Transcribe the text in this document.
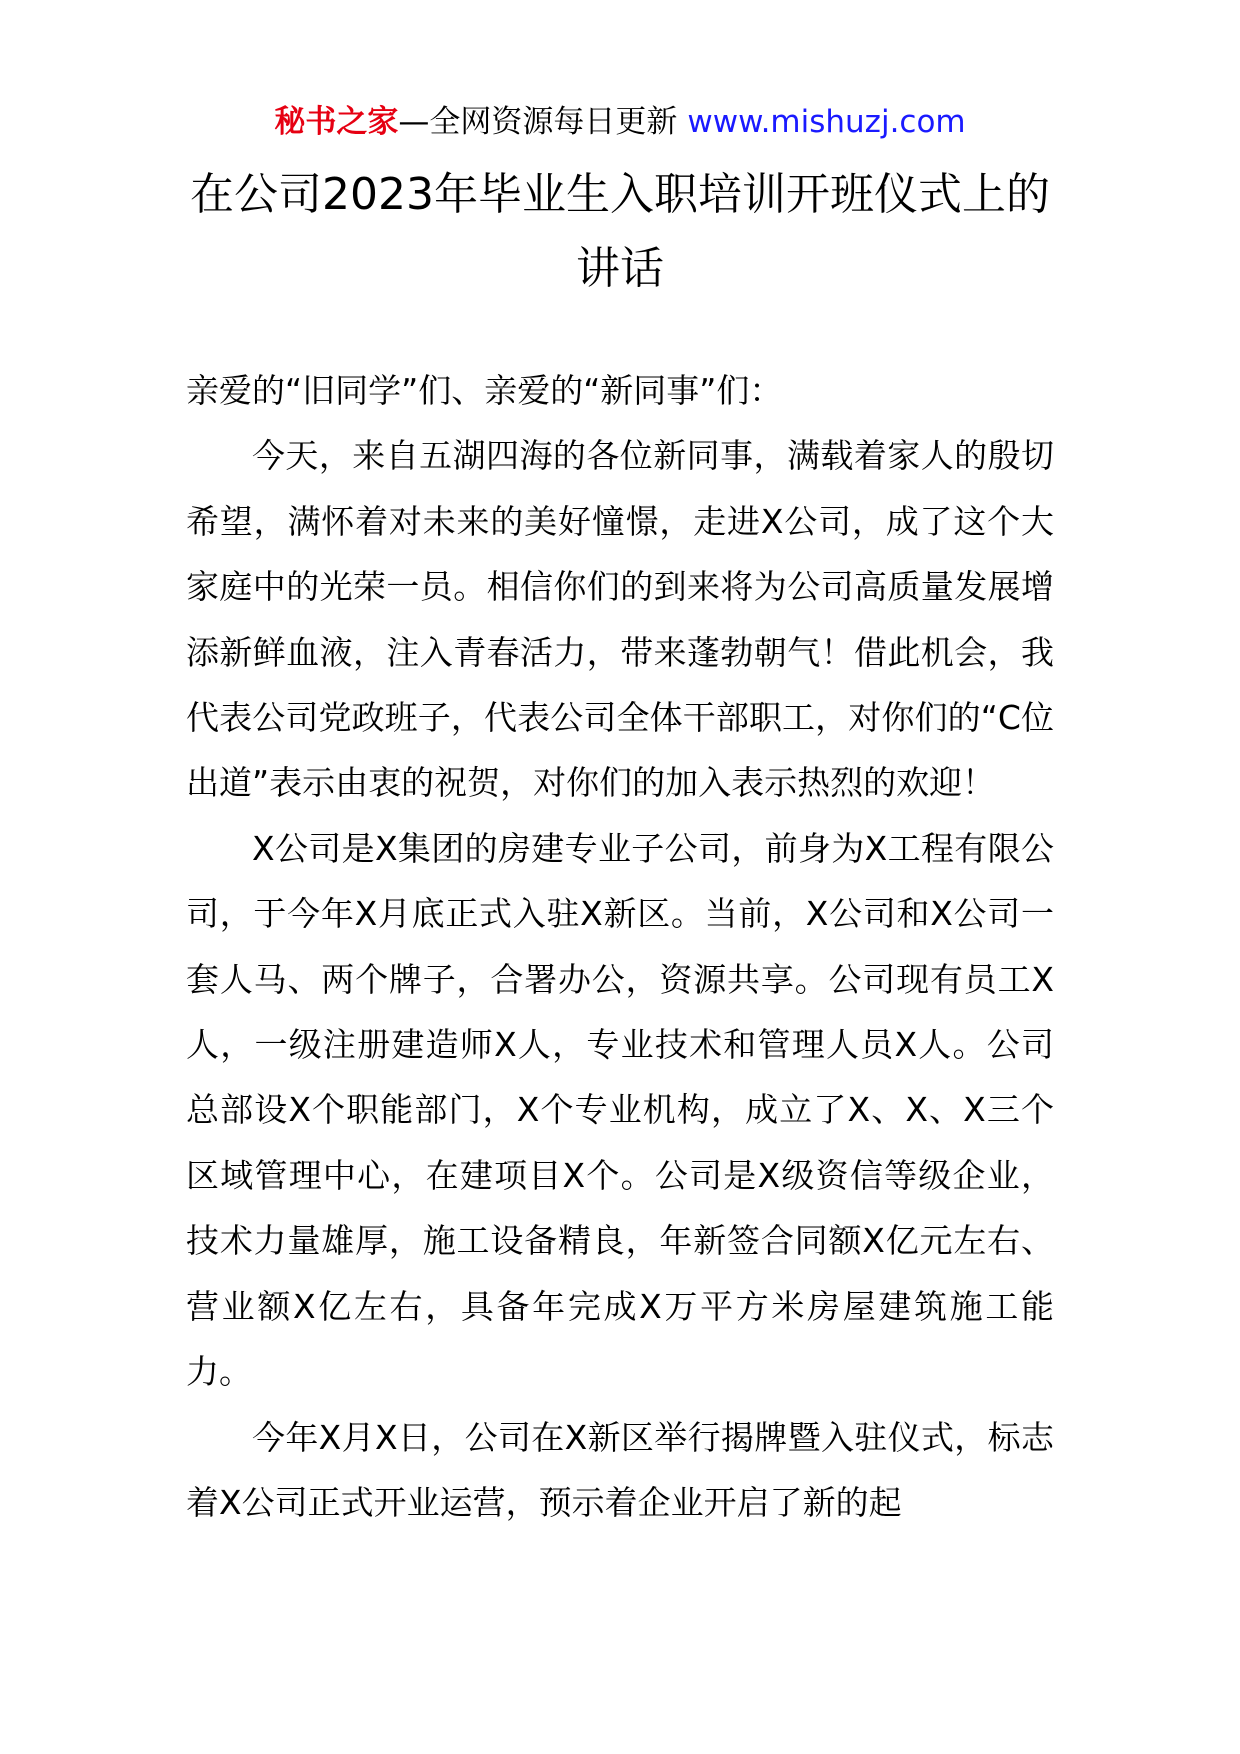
秘书之家—全网资源每日更新 www.mishuzj.com
在公司2023年毕业生入职培训开班仪式上的讲话

亲爱的“旧同学”们、亲爱的“新同事”们：

今天，来自五湖四海的各位新同事，满载着家人的殷切希望，满怀着对未来的美好憧憬，走进X公司，成了这个大家庭中的光荣一员。相信你们的到来将为公司高质量发展增添新鲜血液，注入青春活力，带来蓬勃朝气！借此机会，我代表公司党政班子，代表公司全体干部职工，对你们的“C位出道”表示由衷的祝贺，对你们的加入表示热烈的欢迎！

X公司是X集团的房建专业子公司，前身为X工程有限公司，于今年X月底正式入驻X新区。当前，X公司和X公司一套人马、两个牌子，合署办公，资源共享。公司现有员工X人，一级注册建造师X人，专业技术和管理人员X人。公司总部设X个职能部门，X个专业机构，成立了X、X、X三个区域管理中心，在建项目X个。公司是X级资信等级企业，技术力量雄厚，施工设备精良，年新签合同额X亿元左右、营业额X亿左右，具备年完成X万平方米房屋建筑施工能力。

今年X月X日，公司在X新区举行揭牌暨入驻仪式，标志着X公司正式开业运营，预示着企业开启了新的起
